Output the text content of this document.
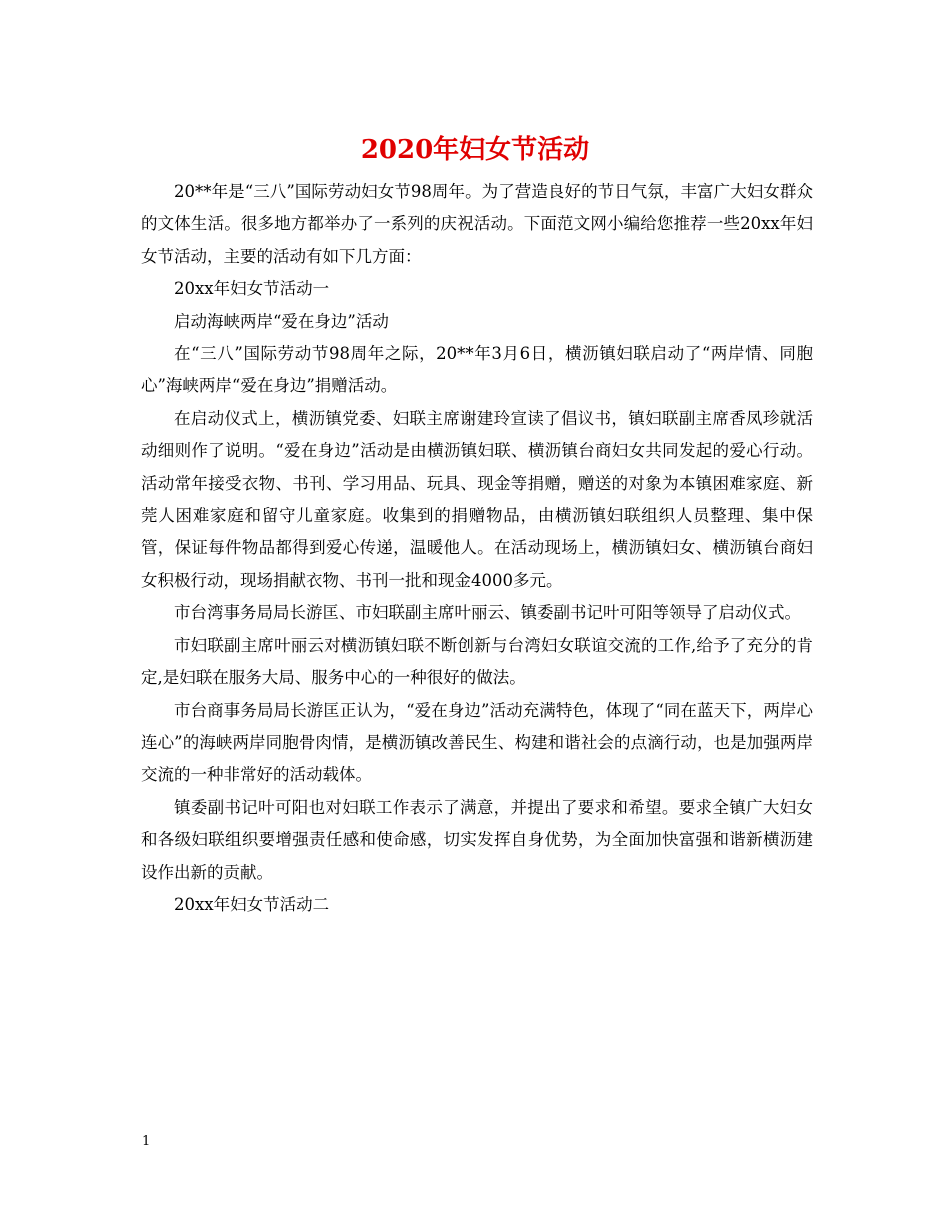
2020年妇女节活动

20**年是“三八”国际劳动妇女节98周年。为了营造良好的节日气氛，丰富广大妇女群众的文体生活。很多地方都举办了一系列的庆祝活动。下面范文网小编给您推荐一些20xx年妇女节活动，主要的活动有如下几方面：

20xx年妇女节活动一

启动海峡两岸“爱在身边”活动

在“三八”国际劳动节98周年之际，20**年3月6日，横沥镇妇联启动了“两岸情、同胞心”海峡两岸“爱在身边”捐赠活动。

在启动仪式上，横沥镇党委、妇联主席谢建玲宣读了倡议书，镇妇联副主席香凤珍就活动细则作了说明。“爱在身边”活动是由横沥镇妇联、横沥镇台商妇女共同发起的爱心行动。活动常年接受衣物、书刊、学习用品、玩具、现金等捐赠，赠送的对象为本镇困难家庭、新莞人困难家庭和留守儿童家庭。收集到的捐赠物品，由横沥镇妇联组织人员整理、集中保管，保证每件物品都得到爱心传递，温暖他人。在活动现场上，横沥镇妇女、横沥镇台商妇女积极行动，现场捐献衣物、书刊一批和现金4000多元。

市台湾事务局局长游匡、市妇联副主席叶丽云、镇委副书记叶可阳等领导了启动仪式。

市妇联副主席叶丽云对横沥镇妇联不断创新与台湾妇女联谊交流的工作,给予了充分的肯定,是妇联在服务大局、服务中心的一种很好的做法。

市台商事务局局长游匡正认为，“爱在身边”活动充满特色，体现了“同在蓝天下，两岸心连心”的海峡两岸同胞骨肉情，是横沥镇改善民生、构建和谐社会的点滴行动，也是加强两岸交流的一种非常好的活动载体。

镇委副书记叶可阳也对妇联工作表示了满意，并提出了要求和希望。要求全镇广大妇女和各级妇联组织要增强责任感和使命感，切实发挥自身优势，为全面加快富强和谐新横沥建设作出新的贡献。

20xx年妇女节活动二

1
